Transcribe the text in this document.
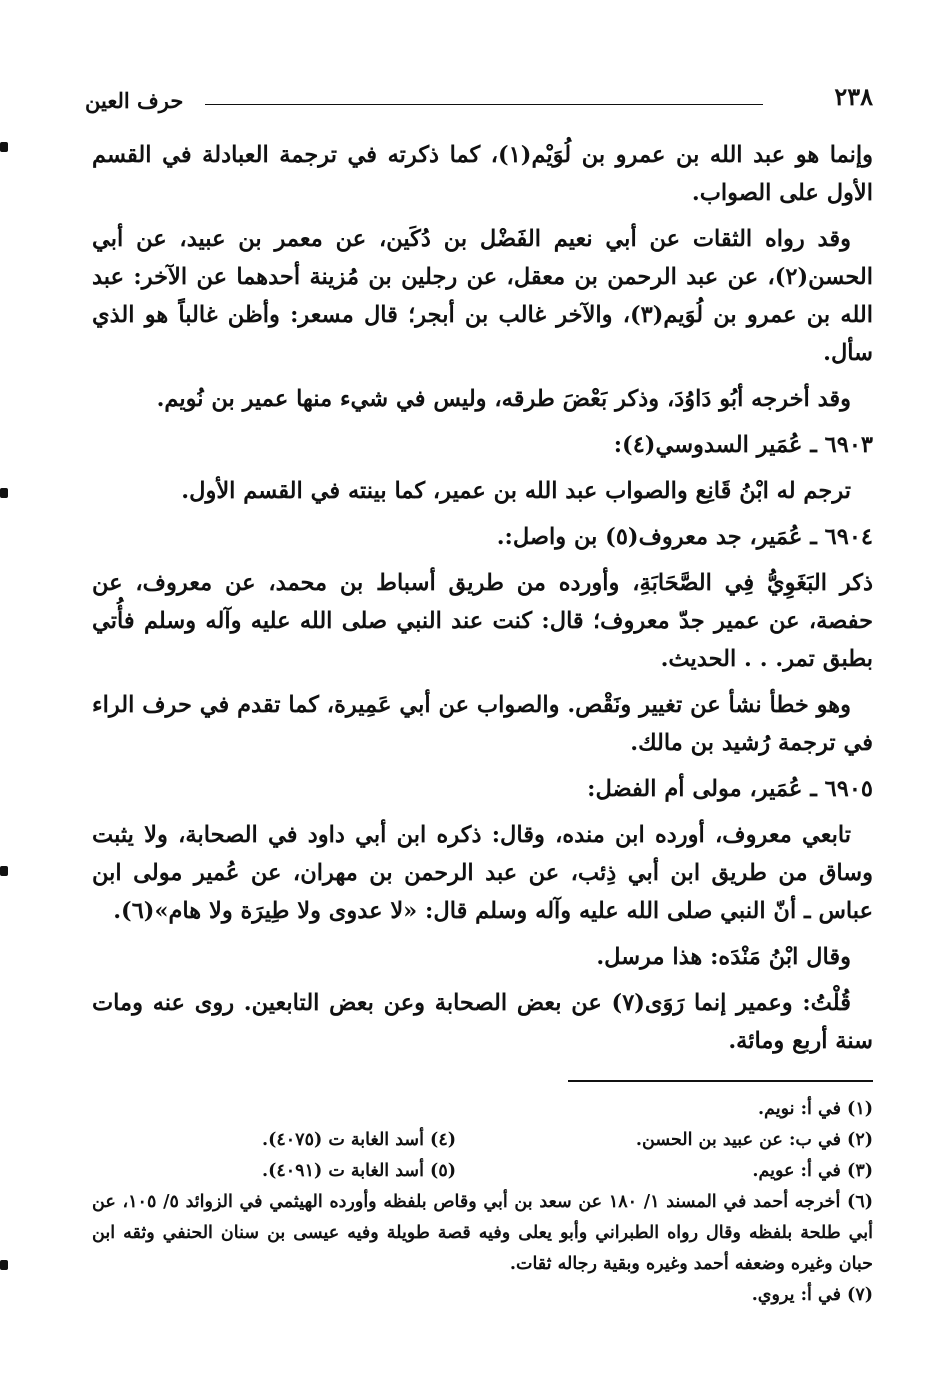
٢٣٨
حرف العين

وإنما هو عبد الله بن عمرو بن لُوَيْم(١)، كما ذكرته في ترجمة العبادلة في القسم الأول على الصواب.

وقد رواه الثقات عن أبي نعيم الفَضْل بن دُكَين، عن معمر بن عبيد، عن أبي الحسن(٢)، عن عبد الرحمن بن معقل، عن رجلين بن مُزينة أحدهما عن الآخر: عبد الله بن عمرو بن لُوَيم(٣)، والآخر غالب بن أبجر؛ قال مسعر: وأظن غالباً هو الذي سأل.

وقد أخرجه أبُو دَاوُدَ، وذكر بَعْضَ طرقه، وليس في شيء منها عمير بن نُويم.

٦٩٠٣ ـ عُمَير السدوسي(٤):

ترجم له ابْنُ قَانِع والصواب عبد الله بن عمير، كما بينته في القسم الأول.

٦٩٠٤ ـ عُمَير، جد معروف(٥) بن واصل:.

ذكر البَغَوِيُّ فِي الصَّحَابَةِ، وأورده من طريق أسباط بن محمد، عن معروف، عن حفصة، عن عمير جدّ معروف؛ قال: كنت عند النبي صلى الله عليه وآله وسلم فأُتي بطبق تمر. . . الحديث.

وهو خطأ نشأ عن تغيير ونَقْص. والصواب عن أبي عَمِيرة، كما تقدم في حرف الراء في ترجمة رُشيد بن مالك.

٦٩٠٥ ـ عُمَير، مولى أم الفضل:

تابعي معروف، أورده ابن منده، وقال: ذكره ابن أبي داود في الصحابة، ولا يثبت وساق من طريق ابن أبي ذِئب، عن عبد الرحمن بن مهران، عن عُمير مولى ابن عباس ـ أنّ النبي صلى الله عليه وآله وسلم قال: «لا عدوى ولا طِيرَة ولا هام»(٦).

وقال ابْنُ مَنْدَه: هذا مرسل.

قُلْتُ: وعمير إنما رَوَى(٧) عن بعض الصحابة وعن بعض التابعين. روى عنه ومات سنة أربع ومائة.

(١) في أ: نويم.
(٢) في ب: عن عبيد بن الحسن.
(٤) أسد الغابة ت (٤٠٧٥).
(٣) في أ: عويم.
(٥) أسد الغابة ت (٤٠٩١).
(٦) أخرجه أحمد في المسند ١/ ١٨٠ عن سعد بن أبي وقاص بلفظه وأورده الهيثمي في الزوائد ٥/ ١٠٥، عن أبي طلحة بلفظه وقال رواه الطبراني وأبو يعلى وفيه قصة طويلة وفيه عيسى بن سنان الحنفي وثقه ابن حبان وغيره وضعفه أحمد وغيره وبقية رجاله ثقات.
(٧) في أ: يروي.
